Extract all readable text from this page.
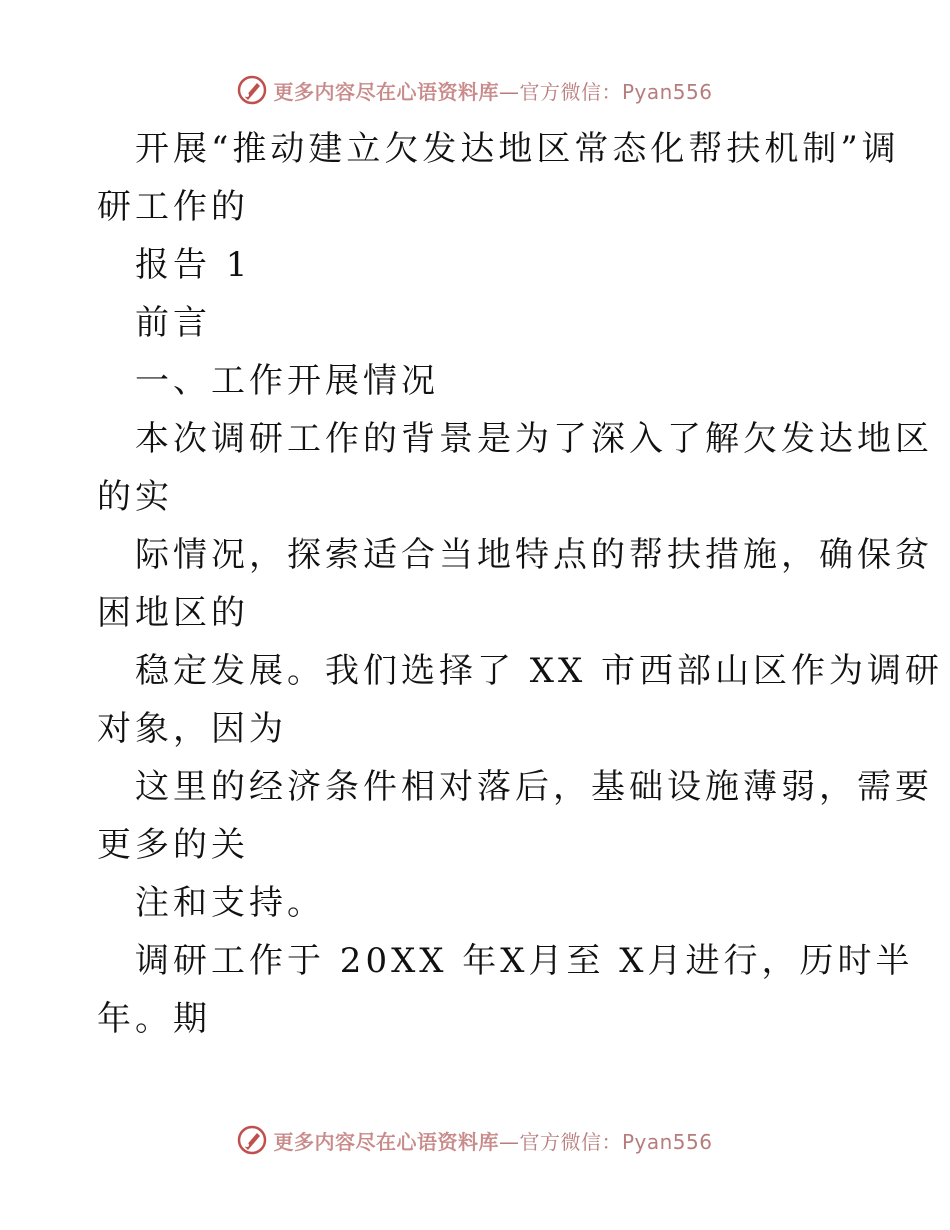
更多内容尽在心语资料库—官方微信：Pyan556
开展“推动建立欠发达地区常态化帮扶机制”调
研工作的
报告 1
前言
一、工作开展情况
本次调研工作的背景是为了深入了解欠发达地区
的实
际情况，探索适合当地特点的帮扶措施，确保贫
困地区的
稳定发展。我们选择了 XX 市西部山区作为调研
对象，因为
这里的经济条件相对落后，基础设施薄弱，需要
更多的关
注和支持。
调研工作于 20XX 年X月至 X月进行，历时半
年。期
更多内容尽在心语资料库—官方微信：Pyan556
